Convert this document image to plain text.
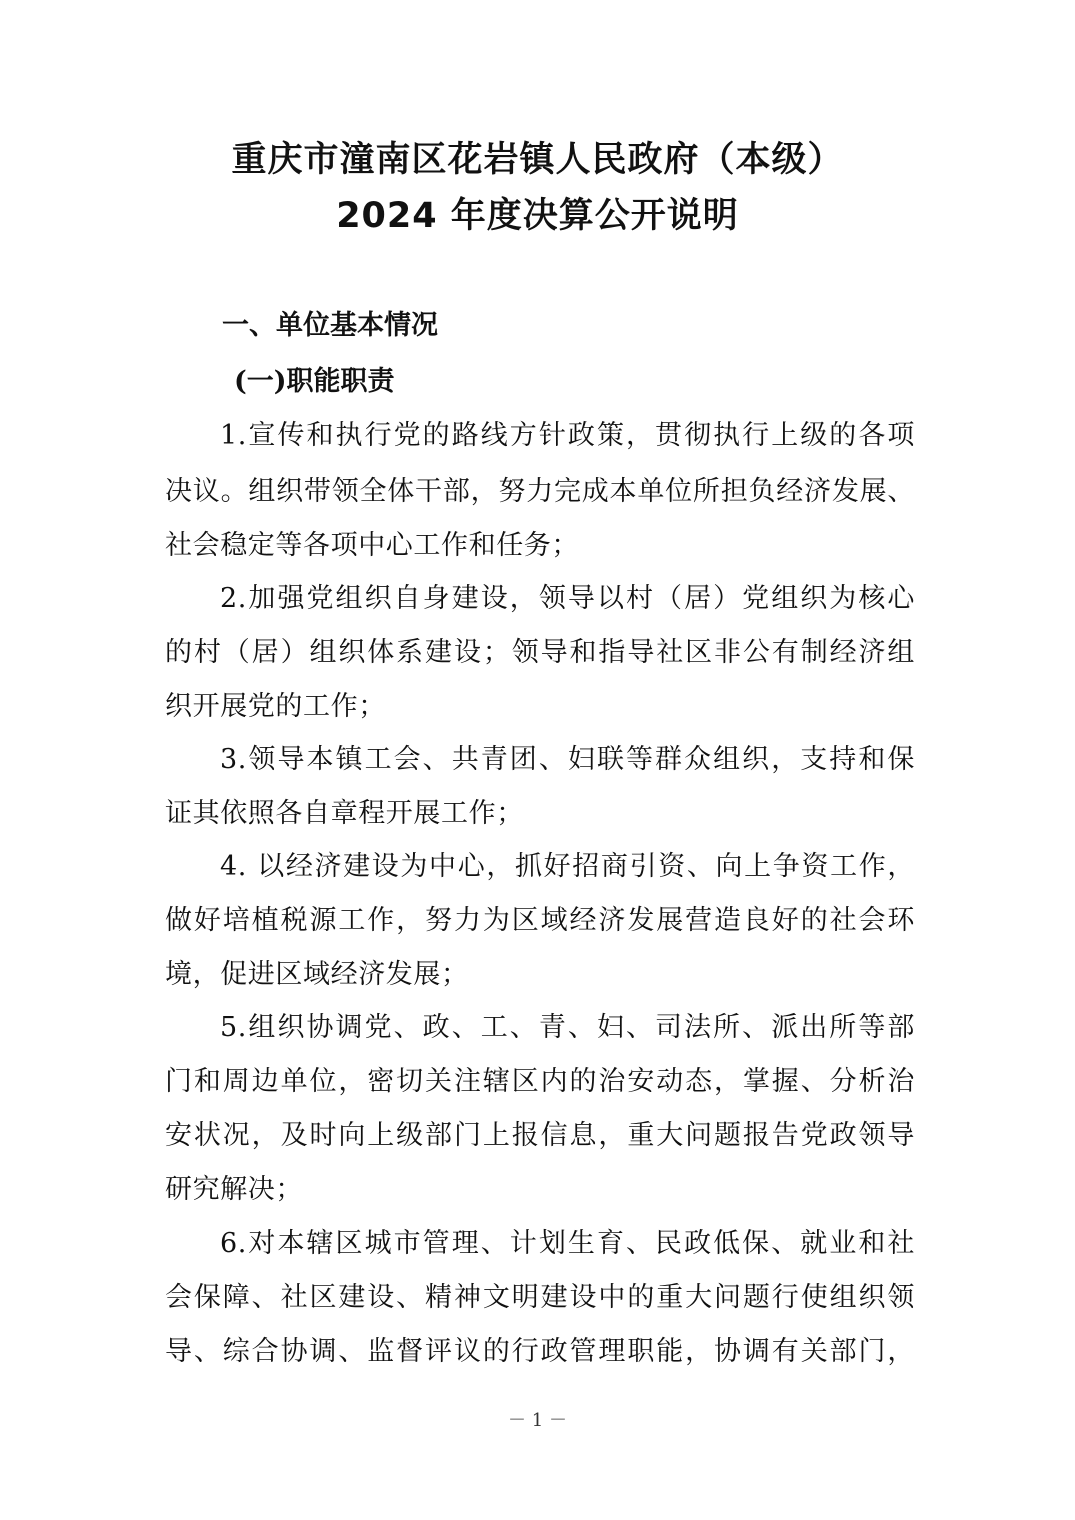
重庆市潼南区花岩镇人民政府（本级）
2024 年度决算公开说明
一、单位基本情况
(一)职能职责

1.宣传和执行党的路线方针政策，贯彻执行上级的各项

决议。组织带领全体干部，努力完成本单位所担负经济发展、

社会稳定等各项中心工作和任务；

2.加强党组织自身建设，领导以村（居）党组织为核心

的村（居）组织体系建设；领导和指导社区非公有制经济组

织开展党的工作；

3.领导本镇工会、共青团、妇联等群众组织，支持和保

证其依照各自章程开展工作；

4. 以经济建设为中心，抓好招商引资、向上争资工作，

做好培植税源工作，努力为区域经济发展营造良好的社会环

境，促进区域经济发展；

5.组织协调党、政、工、青、妇、司法所、派出所等部

门和周边单位，密切关注辖区内的治安动态，掌握、分析治

安状况，及时向上级部门上报信息，重大问题报告党政领导

研究解决；

6.对本辖区城市管理、计划生育、民政低保、就业和社

会保障、社区建设、精神文明建设中的重大问题行使组织领

导、综合协调、监督评议的行政管理职能，协调有关部门，

－ 1 －
